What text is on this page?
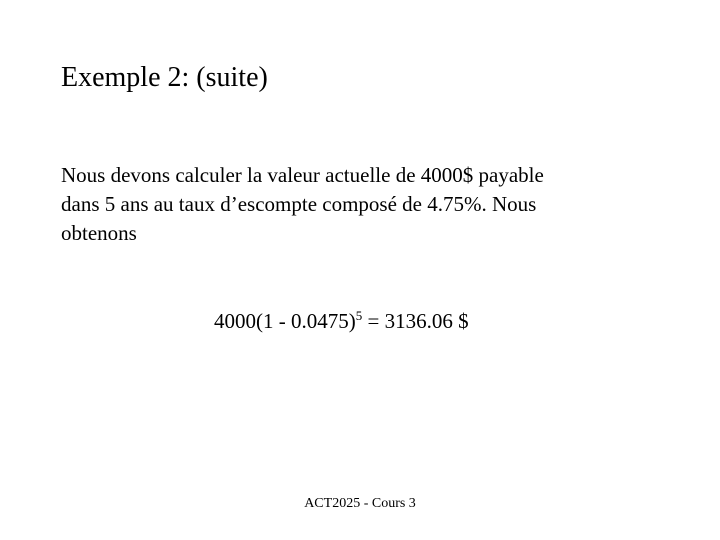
Exemple 2: (suite)
Nous devons calculer la valeur actuelle de 4000$ payable
dans 5 ans au taux d’escompte composé de 4.75%. Nous
obtenons
4000(1 - 0.0475)$^5$ = 3136.06 $
ACT2025 - Cours 3
